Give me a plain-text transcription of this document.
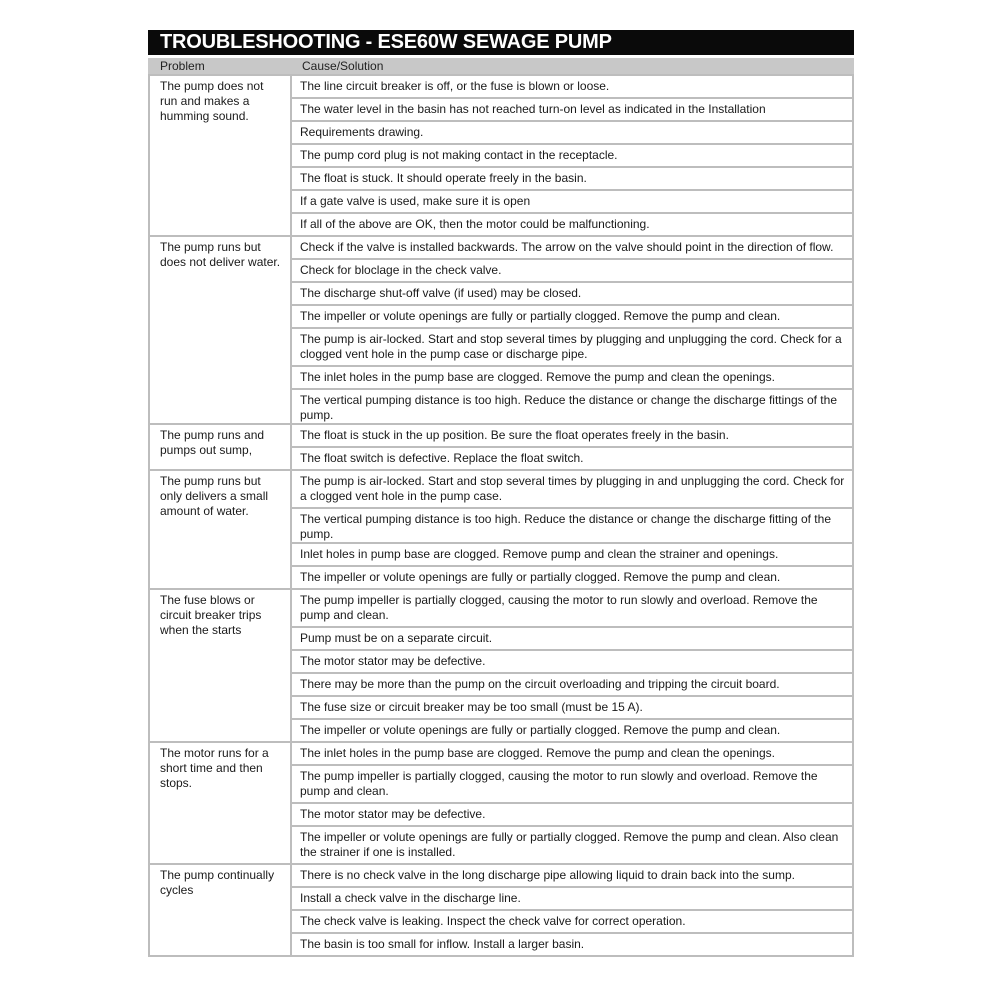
TROUBLESHOOTING - ESE60W SEWAGE PUMP
Problem	Cause/Solution
The pump does not run and makes a humming sound.	The line circuit breaker is off, or the fuse is blown or loose.

	The water level in the basin has not reached turn-on level as indicated in the Installation

	Requirements drawing.

	The pump cord plug is not making contact in the receptacle.

	The float is stuck. It should operate freely in the basin.

	If a gate valve is used, make sure it is open

	If all of the above are OK, then the motor could be malfunctioning.

The pump runs but does not deliver water.	Check if the valve is installed backwards. The arrow on the valve should point in the direction of flow.

	Check for bloclage in the check valve.

	The discharge shut-off valve (if used) may be closed.

	The impeller or volute openings are fully or partially clogged. Remove the pump and clean.

	The pump is air-locked. Start and stop several times by plugging and unplugging the cord. Check for a clogged vent hole in the pump case or discharge pipe.

	The inlet holes in the pump base are clogged. Remove the pump and clean the openings.

	The vertical pumping distance is too high. Reduce the distance or change the discharge fittings of the pump.

The pump runs and pumps out sump,	The float is stuck in the up position. Be sure the float operates freely in the basin.

	The float switch is defective. Replace the float switch.

The pump runs but only delivers a small amount of water.	The pump is air-locked. Start and stop several times by plugging in and unplugging the cord. Check for a clogged vent hole in the pump case.

	The vertical pumping distance is too high. Reduce the distance or change the discharge fitting of the pump.

	Inlet holes in pump base are clogged. Remove pump and clean the strainer and openings.

	The impeller or volute openings are fully or partially clogged. Remove the pump and clean.

The fuse blows or circuit breaker trips when the starts	The pump impeller is partially clogged, causing the motor to run slowly and overload. Remove the pump and clean.

	Pump must be on a separate circuit.

	The motor stator may be defective.

	There may be more than the pump on the circuit overloading and tripping the circuit board.

	The fuse size or circuit breaker may be too small (must be 15 A).

	The impeller or volute openings are fully or partially clogged. Remove the pump and clean.

The motor runs for a short time and then stops.	The inlet holes in the pump base are clogged. Remove the pump and clean the openings.

	The pump impeller is partially clogged, causing the motor to run slowly and overload. Remove the pump and clean.

	The motor stator may be defective.

	The impeller or volute openings are fully or partially clogged. Remove the pump and clean. Also clean the strainer if one is installed.

The pump continually cycles	There is no check valve in the long discharge pipe allowing liquid to drain back into the sump.

	Install a check valve in the discharge line.

	The check valve is leaking. Inspect the check valve for correct operation.

	The basin is too small for inflow. Install a larger basin.
